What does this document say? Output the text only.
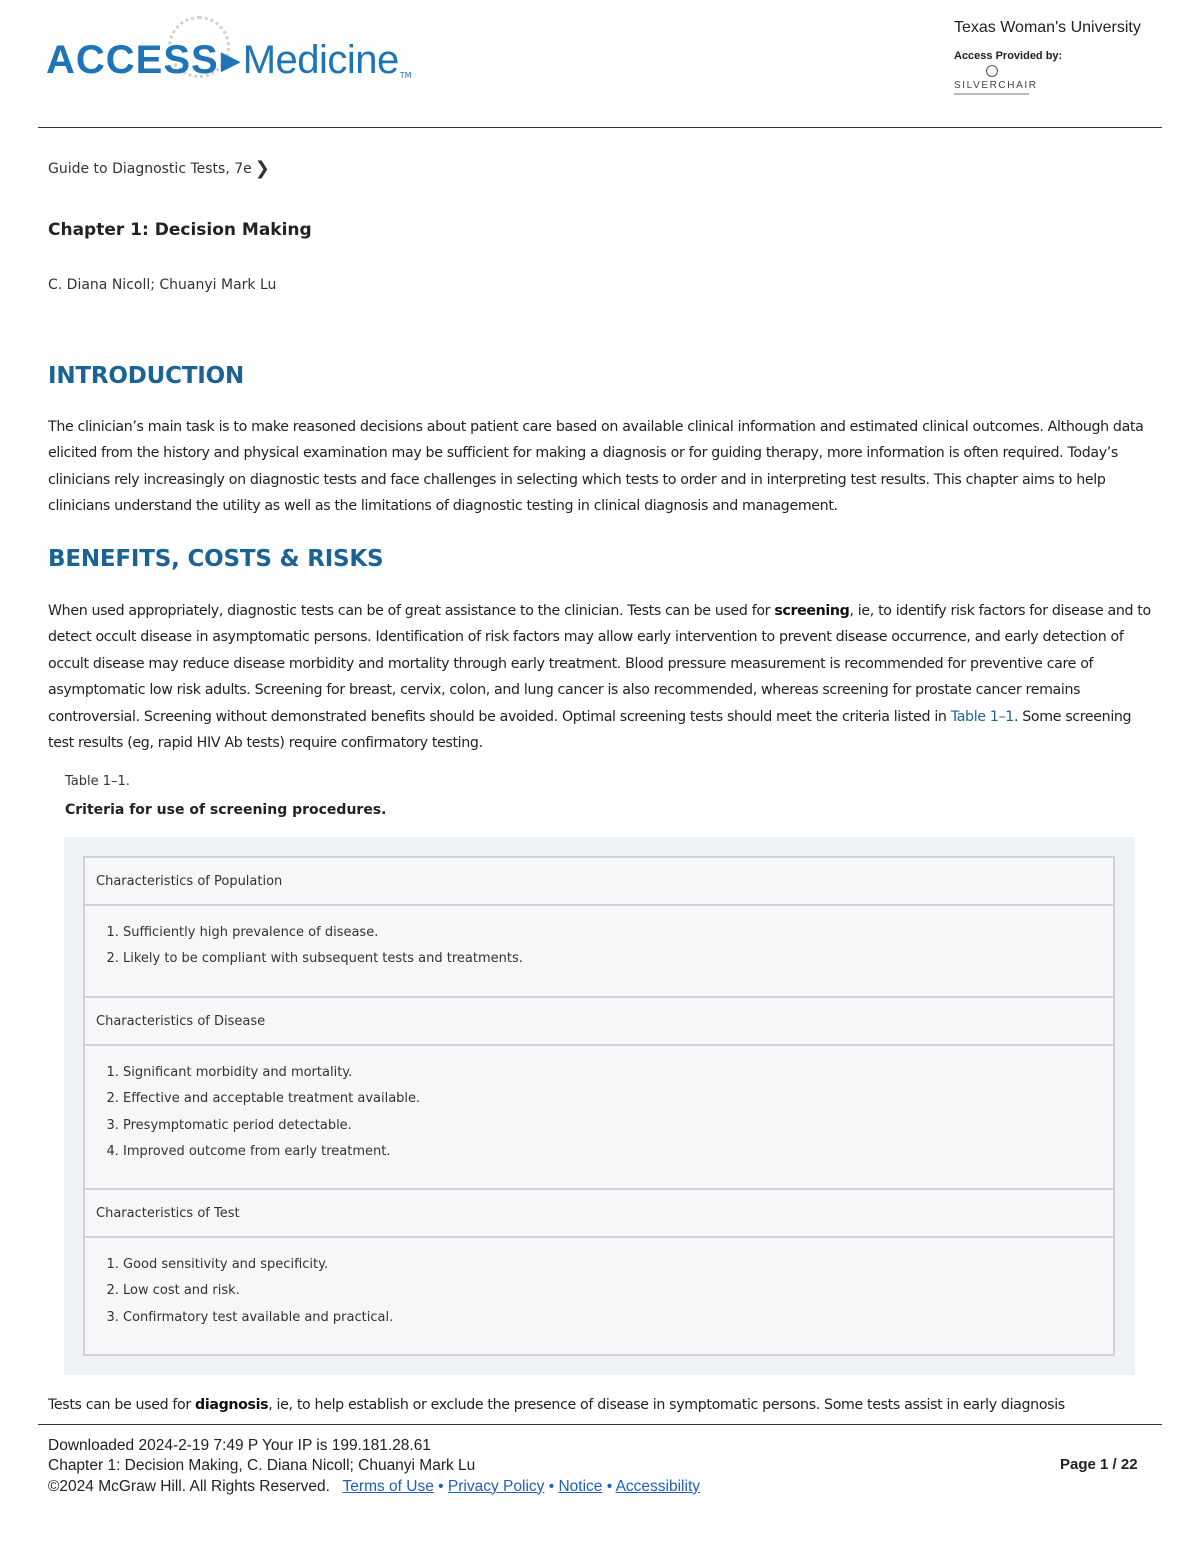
ACCESS ▶ Medicine TM
Texas Woman's University
Access Provided by:
SILVERCHAIR
Guide to Diagnostic Tests, 7e ❯
Chapter 1: Decision Making
C. Diana Nicoll; Chuanyi Mark Lu
INTRODUCTION

The clinician’s main task is to make reasoned decisions about patient care based on available clinical information and estimated clinical outcomes. Although data elicited from the history and physical examination may be sufficient for making a diagnosis or for guiding therapy, more information is often required. Today’s clinicians rely increasingly on diagnostic tests and face challenges in selecting which tests to order and in interpreting test results. This chapter aims to help clinicians understand the utility as well as the limitations of diagnostic testing in clinical diagnosis and management.

BENEFITS, COSTS & RISKS

When used appropriately, diagnostic tests can be of great assistance to the clinician. Tests can be used for screening, ie, to identify risk factors for disease and to detect occult disease in asymptomatic persons. Identification of risk factors may allow early intervention to prevent disease occurrence, and early detection of occult disease may reduce disease morbidity and mortality through early treatment. Blood pressure measurement is recommended for preventive care of asymptomatic low risk adults. Screening for breast, cervix, colon, and lung cancer is also recommended, whereas screening for prostate cancer remains controversial. Screening without demonstrated benefits should be avoided. Optimal screening tests should meet the criteria listed in Table 1–1. Some screening test results (eg, rapid HIV Ab tests) require confirmatory testing.

Table 1–1.
Criteria for use of screening procedures.
Characteristics of Population
1. Sufficiently high prevalence of disease.
2. Likely to be compliant with subsequent tests and treatments.
Characteristics of Disease
1. Significant morbidity and mortality.
2. Effective and acceptable treatment available.
3. Presymptomatic period detectable.
4. Improved outcome from early treatment.
Characteristics of Test
1. Good sensitivity and specificity.
2. Low cost and risk.
3. Confirmatory test available and practical.

Tests can be used for diagnosis, ie, to help establish or exclude the presence of disease in symptomatic persons. Some tests assist in early diagnosis

Downloaded 2024-2-19 7:49 P Your IP is 199.181.28.61
Chapter 1: Decision Making, C. Diana Nicoll; Chuanyi Mark Lu
©2024 McGraw Hill. All Rights Reserved. Terms of Use • Privacy Policy • Notice • Accessibility
Page 1 / 22
